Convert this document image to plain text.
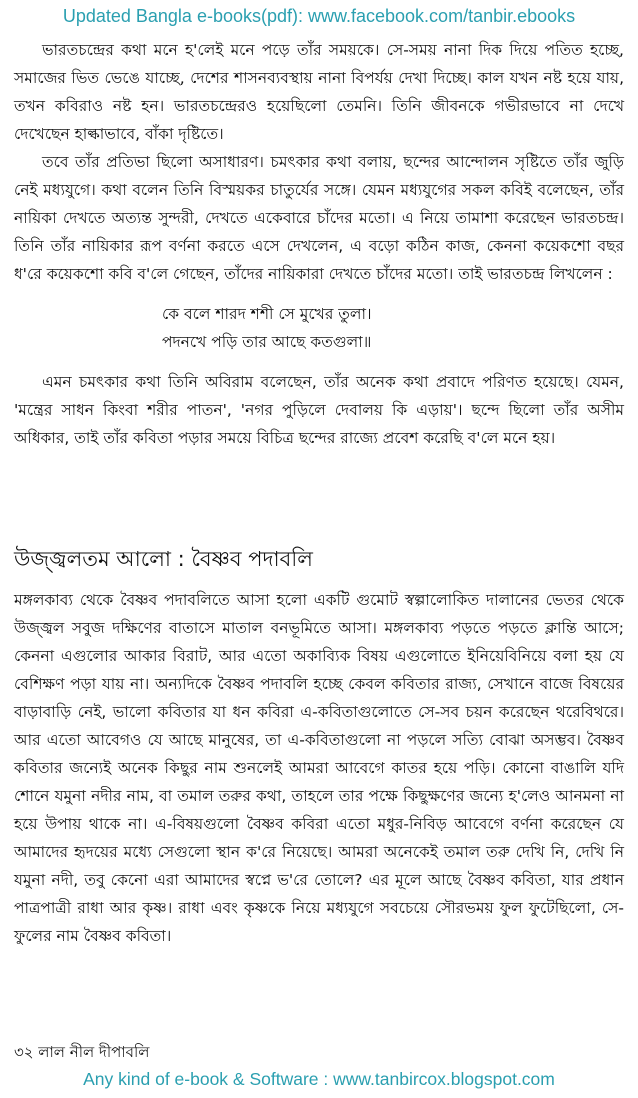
Updated Bangla e-books(pdf): www.facebook.com/tanbir.ebooks

ভারতচন্দ্রের কথা মনে হ'লেই মনে পড়ে তাঁর সময়কে। সে-সময় নানা দিক দিয়ে পতিত হচ্ছে, সমাজের ভিত ভেঙে যাচ্ছে, দেশের শাসনব্যবস্থায় নানা বিপর্যয় দেখা দিচ্ছে। কাল যখন নষ্ট হয়ে যায়, তখন কবিরাও নষ্ট হন। ভারতচন্দ্রেরও হয়েছিলো তেমনি। তিনি জীবনকে গভীরভাবে না দেখে দেখেছেন হাল্কাভাবে, বাঁকা দৃষ্টিতে।

তবে তাঁর প্রতিভা ছিলো অসাধারণ। চমৎকার কথা বলায়, ছন্দের আন্দোলন সৃষ্টিতে তাঁর জুড়ি নেই মধ্যযুগে। কথা বলেন তিনি বিস্ময়কর চাতুর্যের সঙ্গে। যেমন মধ্যযুগের সকল কবিই বলেছেন, তাঁর নায়িকা দেখতে অত্যন্ত সুন্দরী, দেখতে একেবারে চাঁদের মতো। এ নিয়ে তামাশা করেছেন ভারতচন্দ্র। তিনি তাঁর নায়িকার রূপ বর্ণনা করতে এসে দেখলেন, এ বড়ো কঠিন কাজ, কেননা কয়েকশো বছর ধ'রে কয়েকশো কবি ব'লে গেছেন, তাঁদের নায়িকারা দেখতে চাঁদের মতো। তাই ভারতচন্দ্র লিখলেন :

কে বলে শারদ শশী সে মুখের তুলা।
পদনখে পড়ি তার আছে কতগুলা॥

এমন চমৎকার কথা তিনি অবিরাম বলেছেন, তাঁর অনেক কথা প্রবাদে পরিণত হয়েছে। যেমন, 'মন্ত্রের সাধন কিংবা শরীর পাতন', 'নগর পুড়িলে দেবালয় কি এড়ায়'। ছন্দে ছিলো তাঁর অসীম অধিকার, তাই তাঁর কবিতা পড়ার সময়ে বিচিত্র ছন্দের রাজ্যে প্রবেশ করেছি ব'লে মনে হয়।

উজ্জ্বলতম আলো : বৈষ্ণব পদাবলি

মঙ্গলকাব্য থেকে বৈষ্ণব পদাবলিতে আসা হলো একটি গুমোট স্বল্পালোকিত দালানের ভেতর থেকে উজ্জ্বল সবুজ দক্ষিণের বাতাসে মাতাল বনভূমিতে আসা। মঙ্গলকাব্য পড়তে পড়তে ক্লান্তি আসে; কেননা এগুলোর আকার বিরাট, আর এতো অকাব্যিক বিষয় এগুলোতে ইনিয়েবিনিয়ে বলা হয় যে বেশিক্ষণ পড়া যায় না। অন্যদিকে বৈষ্ণব পদাবলি হচ্ছে কেবল কবিতার রাজ্য, সেখানে বাজে বিষয়ের বাড়াবাড়ি নেই, ভালো কবিতার যা ধন কবিরা এ-কবিতাগুলোতে সে-সব চয়ন করেছেন থরেবিথরে। আর এতো আবেগও যে আছে মানুষের, তা এ-কবিতাগুলো না পড়লে সত্যি বোঝা অসম্ভব। বৈষ্ণব কবিতার জন্যেই অনেক কিছুর নাম শুনলেই আমরা আবেগে কাতর হয়ে পড়ি। কোনো বাঙালি যদি শোনে যমুনা নদীর নাম, বা তমাল তরুর কথা, তাহলে তার পক্ষে কিছুক্ষণের জন্যে হ'লেও আনমনা না হয়ে উপায় থাকে না। এ-বিষয়গুলো বৈষ্ণব কবিরা এতো মধুর-নিবিড় আবেগে বর্ণনা করেছেন যে আমাদের হৃদয়ের মধ্যে সেগুলো স্থান ক'রে নিয়েছে। আমরা অনেকেই তমাল তরু দেখি নি, দেখি নি যমুনা নদী, তবু কেনো এরা আমাদের স্বপ্নে ভ'রে তোলে? এর মূলে আছে বৈষ্ণব কবিতা, যার প্রধান পাত্রপাত্রী রাধা আর কৃষ্ণ। রাধা এবং কৃষ্ণকে নিয়ে মধ্যযুগে সবচেয়ে সৌরভময় ফুল ফুটেছিলো, সে-ফুলের নাম বৈষ্ণব কবিতা।

৩২ লাল নীল দীপাবলি
Any kind of e-book & Software : www.tanbircox.blogspot.com
